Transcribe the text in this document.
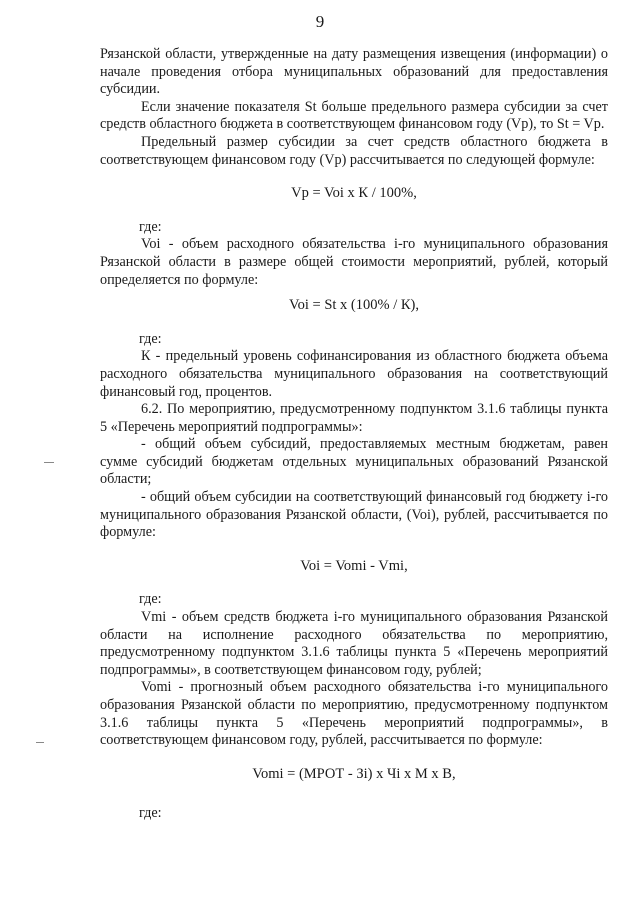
9

Рязанской области, утвержденные на дату размещения извещения (информации) о начале проведения отбора муниципальных образований для предоставления субсидии.

Если значение показателя St больше предельного размера субсидии за счет средств областного бюджета в соответствующем финансовом году (Vp), то St = Vp.

Предельный размер субсидии за счет средств областного бюджета в соответствующем финансовом году (Vp) рассчитывается по следующей формуле:

Vp = Voi x К / 100%,

где:

Voi - объем расходного обязательства i-го муниципального образования Рязанской области в размере общей стоимости мероприятий, рублей, который определяется по формуле:

Voi = St x (100% / К),

где:

К - предельный уровень софинансирования из областного бюджета объема расходного обязательства муниципального образования на соответствующий финансовый год, процентов.

6.2. По мероприятию, предусмотренному подпунктом 3.1.6 таблицы пункта 5 «Перечень мероприятий подпрограммы»:

- общий объем субсидий, предоставляемых местным бюджетам, равен сумме субсидий бюджетам отдельных муниципальных образований Рязанской области;

- общий объем субсидии на соответствующий финансовый год бюджету i-го муниципального образования Рязанской области, (Voi), рублей, рассчитывается по формуле:

Voi = Vomi - Vmi,

где:

Vmi - объем средств бюджета i-го муниципального образования Рязанской области на исполнение расходного обязательства по мероприятию, предусмотренному подпунктом 3.1.6 таблицы пункта 5 «Перечень мероприятий подпрограммы», в соответствующем финансовом году, рублей;

Vomi - прогнозный объем расходного обязательства i-го муниципального образования Рязанской области по мероприятию, предусмотренному подпунктом 3.1.6 таблицы пункта 5 «Перечень мероприятий подпрограммы», в соответствующем финансовом году, рублей, рассчитывается по формуле:

Vomi = (МРОТ - Зi) x Чi x М x В,

где:
